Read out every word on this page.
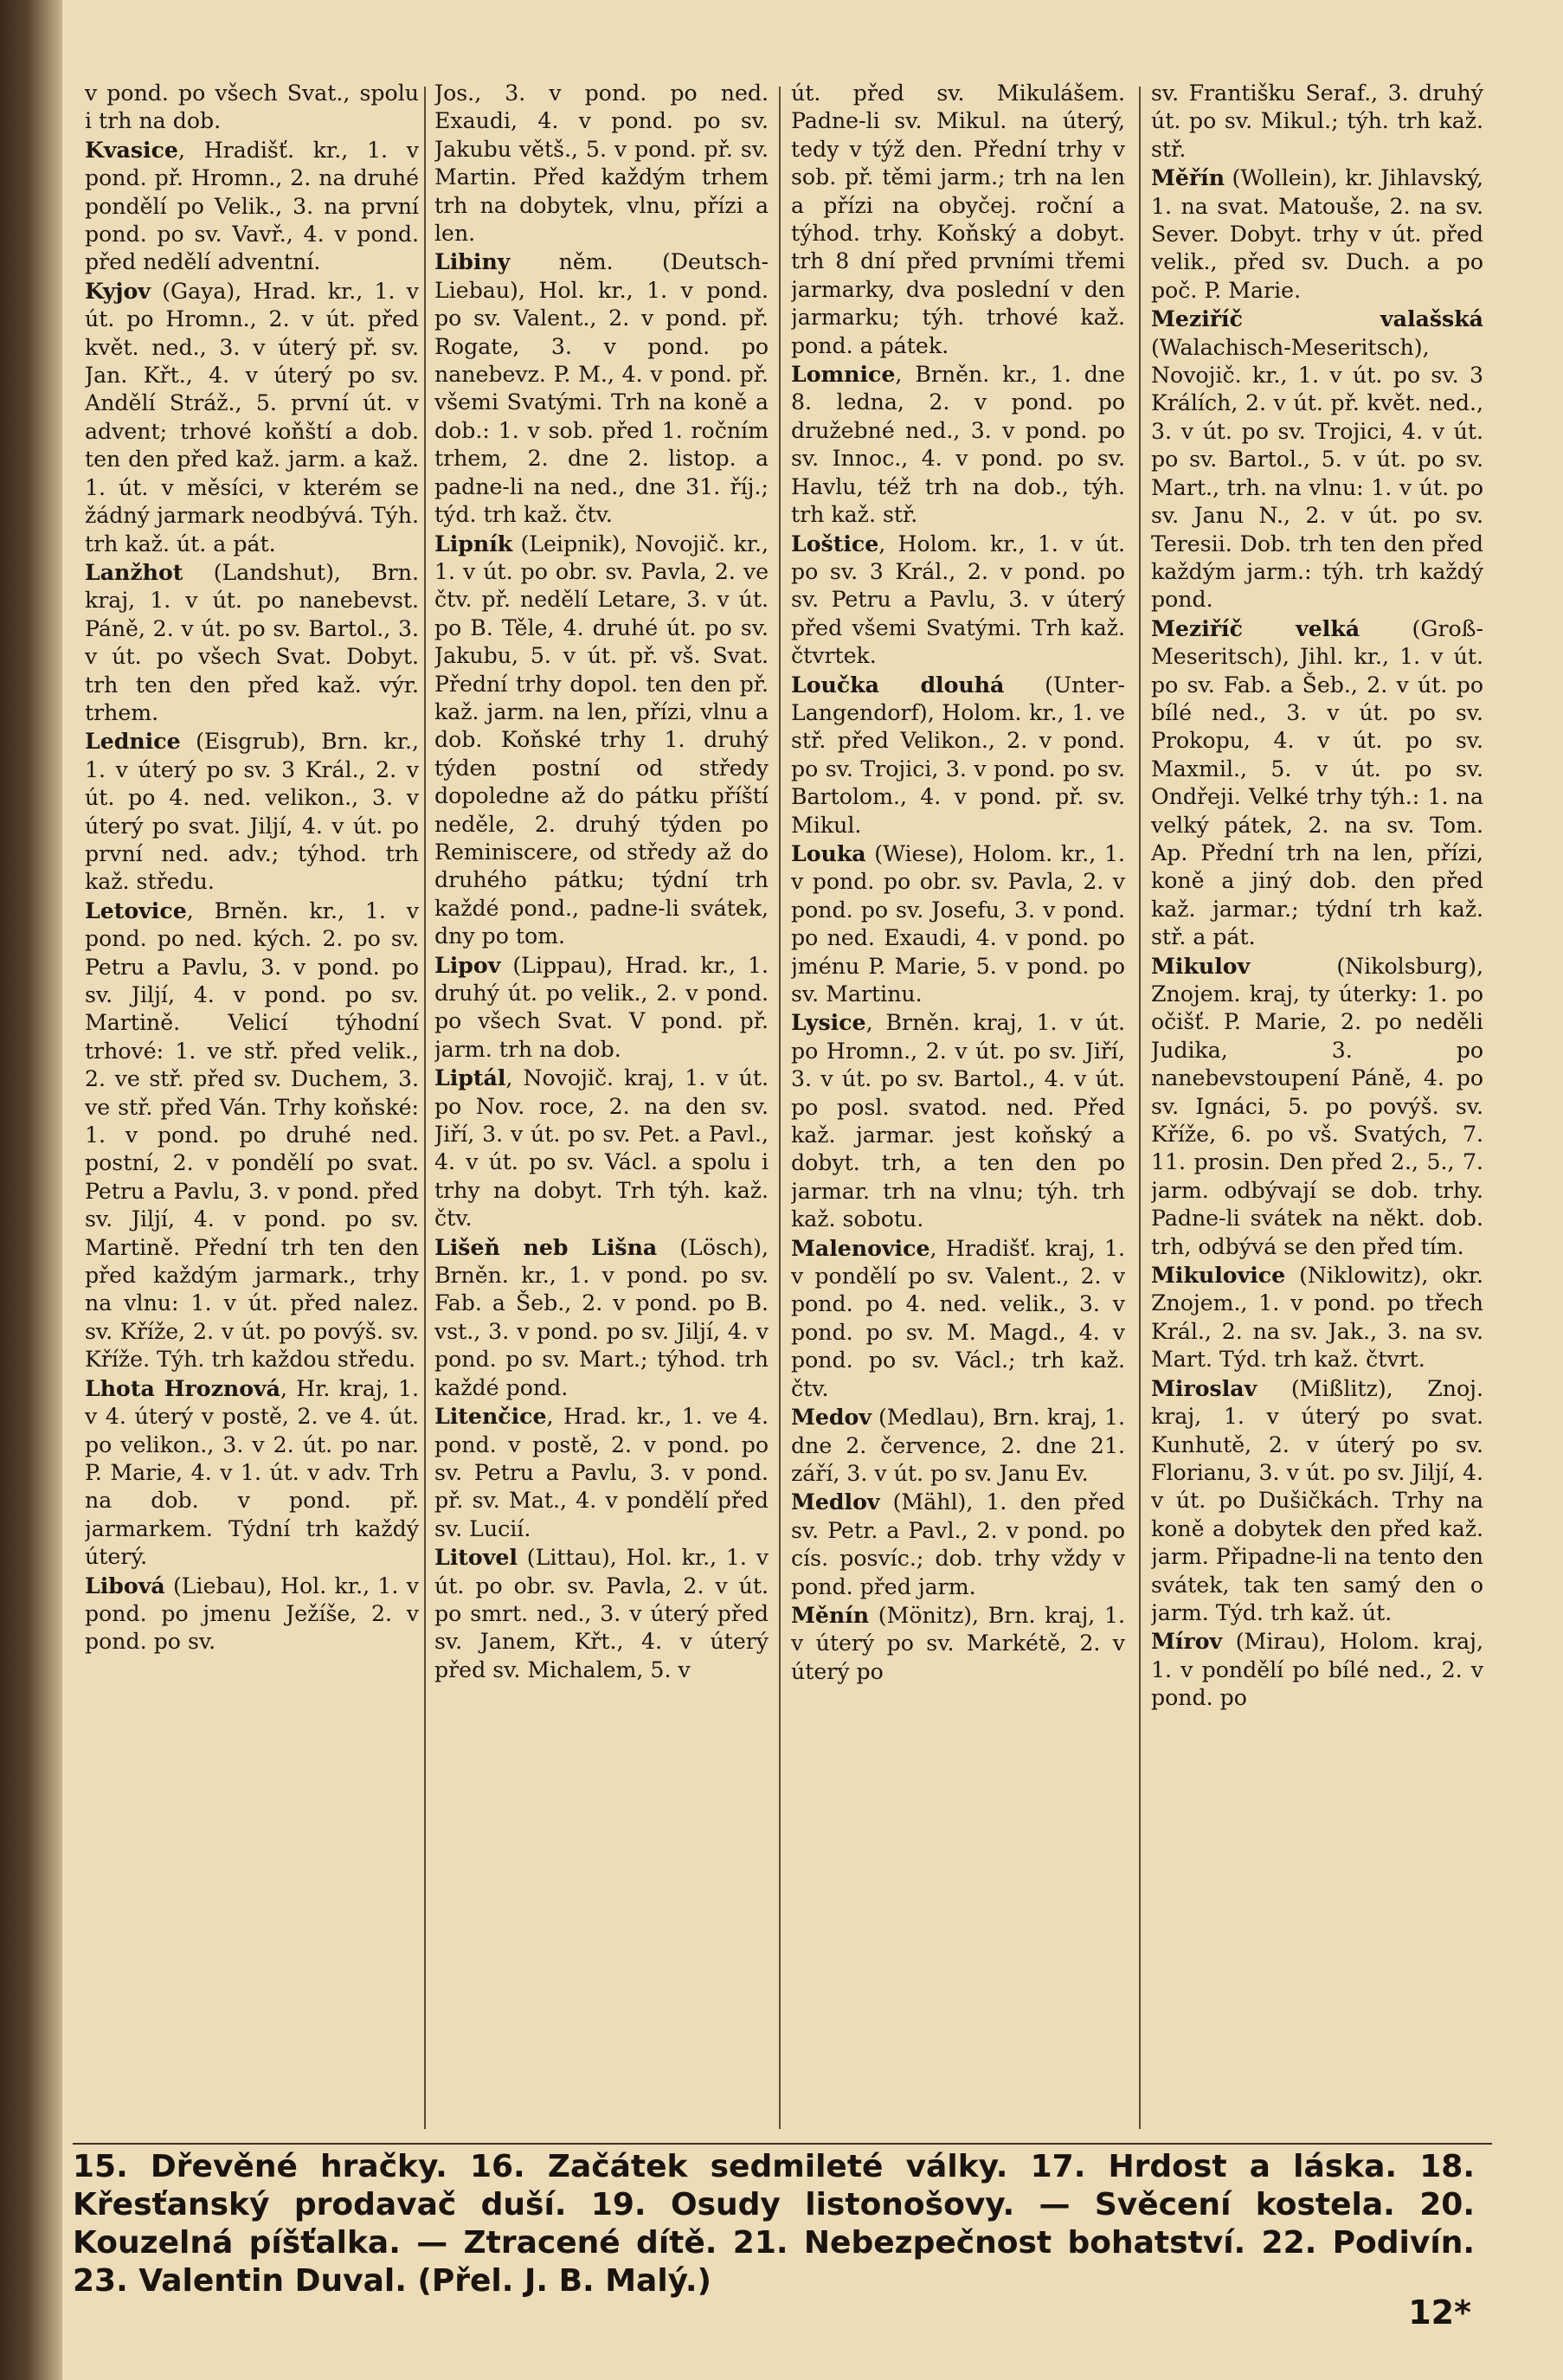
v pond. po všech Svat., spolu i trh na dob.

Kvasice, Hradišť. kr., 1. v pond. př. Hromn., 2. na druhé pondělí po Velik., 3. na první pond. po sv. Vavř., 4. v pond. před nedělí adventní.

Kyjov (Gaya), Hrad. kr., 1. v út. po Hromn., 2. v út. před květ. ned., 3. v úterý př. sv. Jan. Křt., 4. v úterý po sv. Andělí Stráž., 5. první út. v advent; trhové koňští a dob. ten den před kaž. jarm. a kaž. 1. út. v měsíci, v kterém se žádný jarmark neodbývá. Týh. trh kaž. út. a pát.

Lanžhot (Landshut), Brn. kraj, 1. v út. po nanebevst. Páně, 2. v út. po sv. Bartol., 3. v út. po všech Svat. Dobyt. trh ten den před kaž. výr. trhem.

Lednice (Eisgrub), Brn. kr., 1. v úterý po sv. 3 Král., 2. v út. po 4. ned. velikon., 3. v úterý po svat. Jiljí, 4. v út. po první ned. adv.; týhod. trh kaž. středu.

Letovice, Brněn. kr., 1. v pond. po ned. kých. 2. po sv. Petru a Pavlu, 3. v pond. po sv. Jiljí, 4. v pond. po sv. Martině. Velicí týhodní trhové: 1. ve stř. před velik., 2. ve stř. před sv. Duchem, 3. ve stř. před Ván. Trhy koňské: 1. v pond. po druhé ned. postní, 2. v pondělí po svat. Petru a Pavlu, 3. v pond. před sv. Jiljí, 4. v pond. po sv. Martině. Přední trh ten den před každým jarmark., trhy na vlnu: 1. v út. před nalez. sv. Kříže, 2. v út. po povýš. sv. Kříže. Týh. trh každou středu.

Lhota Hroznová, Hr. kraj, 1. v 4. úterý v postě, 2. ve 4. út. po velikon., 3. v 2. út. po nar. P. Marie, 4. v 1. út. v adv. Trh na dob. v pond. př. jarmarkem. Týdní trh každý úterý.

Libová (Liebau), Hol. kr., 1. v pond. po jmenu Ježíše, 2. v pond. po sv.

Jos., 3. v pond. po ned. Exaudi, 4. v pond. po sv. Jakubu větš., 5. v pond. př. sv. Martin. Před každým trhem trh na dobytek, vlnu, přízi a len.

Libiny něm. (Deutsch-Liebau), Hol. kr., 1. v pond. po sv. Valent., 2. v pond. př. Rogate, 3. v pond. po nanebevz. P. M., 4. v pond. př. všemi Svatými. Trh na koně a dob.: 1. v sob. před 1. ročním trhem, 2. dne 2. listop. a padne-li na ned., dne 31. říj.; týd. trh kaž. čtv.

Lipník (Leipnik), Novojič. kr., 1. v út. po obr. sv. Pavla, 2. ve čtv. př. nedělí Letare, 3. v út. po B. Těle, 4. druhé út. po sv. Jakubu, 5. v út. př. vš. Svat. Přední trhy dopol. ten den př. kaž. jarm. na len, přízi, vlnu a dob. Koňské trhy 1. druhý týden postní od středy dopoledne až do pátku příští neděle, 2. druhý týden po Reminiscere, od středy až do druhého pátku; týdní trh každé pond., padne-li svátek, dny po tom.

Lipov (Lippau), Hrad. kr., 1. druhý út. po velik., 2. v pond. po všech Svat. V pond. př. jarm. trh na dob.

Liptál, Novojič. kraj, 1. v út. po Nov. roce, 2. na den sv. Jiří, 3. v út. po sv. Pet. a Pavl., 4. v út. po sv. Václ. a spolu i trhy na dobyt. Trh týh. kaž. čtv.

Lišeň neb Lišna (Lösch), Brněn. kr., 1. v pond. po sv. Fab. a Šeb., 2. v pond. po B. vst., 3. v pond. po sv. Jiljí, 4. v pond. po sv. Mart.; týhod. trh každé pond.

Litenčice, Hrad. kr., 1. ve 4. pond. v postě, 2. v pond. po sv. Petru a Pavlu, 3. v pond. př. sv. Mat., 4. v pondělí před sv. Lucií.

Litovel (Littau), Hol. kr., 1. v út. po obr. sv. Pavla, 2. v út. po smrt. ned., 3. v úterý před sv. Janem, Křt., 4. v úterý před sv. Michalem, 5. v

út. před sv. Mikulášem. Padne-li sv. Mikul. na úterý, tedy v týž den. Přední trhy v sob. př. těmi jarm.; trh na len a přízi na obyčej. roční a týhod. trhy. Koňský a dobyt. trh 8 dní před prvními třemi jarmarky, dva poslední v den jarmarku; týh. trhové kaž. pond. a pátek.

Lomnice, Brněn. kr., 1. dne 8. ledna, 2. v pond. po družebné ned., 3. v pond. po sv. Innoc., 4. v pond. po sv. Havlu, též trh na dob., týh. trh kaž. stř.

Loštice, Holom. kr., 1. v út. po sv. 3 Král., 2. v pond. po sv. Petru a Pavlu, 3. v úterý před všemi Svatými. Trh kaž. čtvrtek.

Loučka dlouhá (Unter-Langendorf), Holom. kr., 1. ve stř. před Velikon., 2. v pond. po sv. Trojici, 3. v pond. po sv. Bartolom., 4. v pond. př. sv. Mikul.

Louka (Wiese), Holom. kr., 1. v pond. po obr. sv. Pavla, 2. v pond. po sv. Josefu, 3. v pond. po ned. Exaudi, 4. v pond. po jménu P. Marie, 5. v pond. po sv. Martinu.

Lysice, Brněn. kraj, 1. v út. po Hromn., 2. v út. po sv. Jiří, 3. v út. po sv. Bartol., 4. v út. po posl. svatod. ned. Před kaž. jarmar. jest koňský a dobyt. trh, a ten den po jarmar. trh na vlnu; týh. trh kaž. sobotu.

Malenovice, Hradišť. kraj, 1. v pondělí po sv. Valent., 2. v pond. po 4. ned. velik., 3. v pond. po sv. M. Magd., 4. v pond. po sv. Václ.; trh kaž. čtv.

Medov (Medlau), Brn. kraj, 1. dne 2. července, 2. dne 21. září, 3. v út. po sv. Janu Ev.

Medlov (Mähl), 1. den před sv. Petr. a Pavl., 2. v pond. po cís. posvíc.; dob. trhy vždy v pond. před jarm.

Měnín (Mönitz), Brn. kraj, 1. v úterý po sv. Markétě, 2. v úterý po

sv. Františku Seraf., 3. druhý út. po sv. Mikul.; týh. trh kaž. stř.

Měřín (Wollein), kr. Jihlavský, 1. na svat. Matouše, 2. na sv. Sever. Dobyt. trhy v út. před velik., před sv. Duch. a po poč. P. Marie.

Meziříč valašská (Walachisch-Meseritsch), Novojič. kr., 1. v út. po sv. 3 Králích, 2. v út. př. květ. ned., 3. v út. po sv. Trojici, 4. v út. po sv. Bartol., 5. v út. po sv. Mart., trh. na vlnu: 1. v út. po sv. Janu N., 2. v út. po sv. Teresii. Dob. trh ten den před každým jarm.: týh. trh každý pond.

Meziříč velká (Groß-Meseritsch), Jihl. kr., 1. v út. po sv. Fab. a Šeb., 2. v út. po bílé ned., 3. v út. po sv. Prokopu, 4. v út. po sv. Maxmil., 5. v út. po sv. Ondřeji. Velké trhy týh.: 1. na velký pátek, 2. na sv. Tom. Ap. Přední trh na len, přízi, koně a jiný dob. den před kaž. jarmar.; týdní trh kaž. stř. a pát.

Mikulov (Nikolsburg), Znojem. kraj, ty úterky: 1. po očišť. P. Marie, 2. po neděli Judika, 3. po nanebevstoupení Páně, 4. po sv. Ignáci, 5. po povýš. sv. Kříže, 6. po vš. Svatých, 7. 11. prosin. Den před 2., 5., 7. jarm. odbývají se dob. trhy. Padne-li svátek na někt. dob. trh, odbývá se den před tím.

Mikulovice (Niklowitz), okr. Znojem., 1. v pond. po třech Král., 2. na sv. Jak., 3. na sv. Mart. Týd. trh kaž. čtvrt.

Miroslav (Mißlitz), Znoj. kraj, 1. v úterý po svat. Kunhutě, 2. v úterý po sv. Florianu, 3. v út. po sv. Jiljí, 4. v út. po Dušičkách. Trhy na koně a dobytek den před kaž. jarm. Připadne-li na tento den svátek, tak ten samý den o jarm. Týd. trh kaž. út.

Mírov (Mirau), Holom. kraj, 1. v pondělí po bílé ned., 2. v pond. po

15. Dřevěné hračky. 16. Začátek sedmileté války. 17. Hrdost a láska. 18. Křesťanský prodavač duší. 19. Osudy listonošovy. — Svěcení kostela. 20. Kouzelná píšťalka. — Ztracené dítě. 21. Nebezpečnost bohatství. 22. Podivín. 23. Valentin Duval. (Přel. J. B. Malý.)
12*
